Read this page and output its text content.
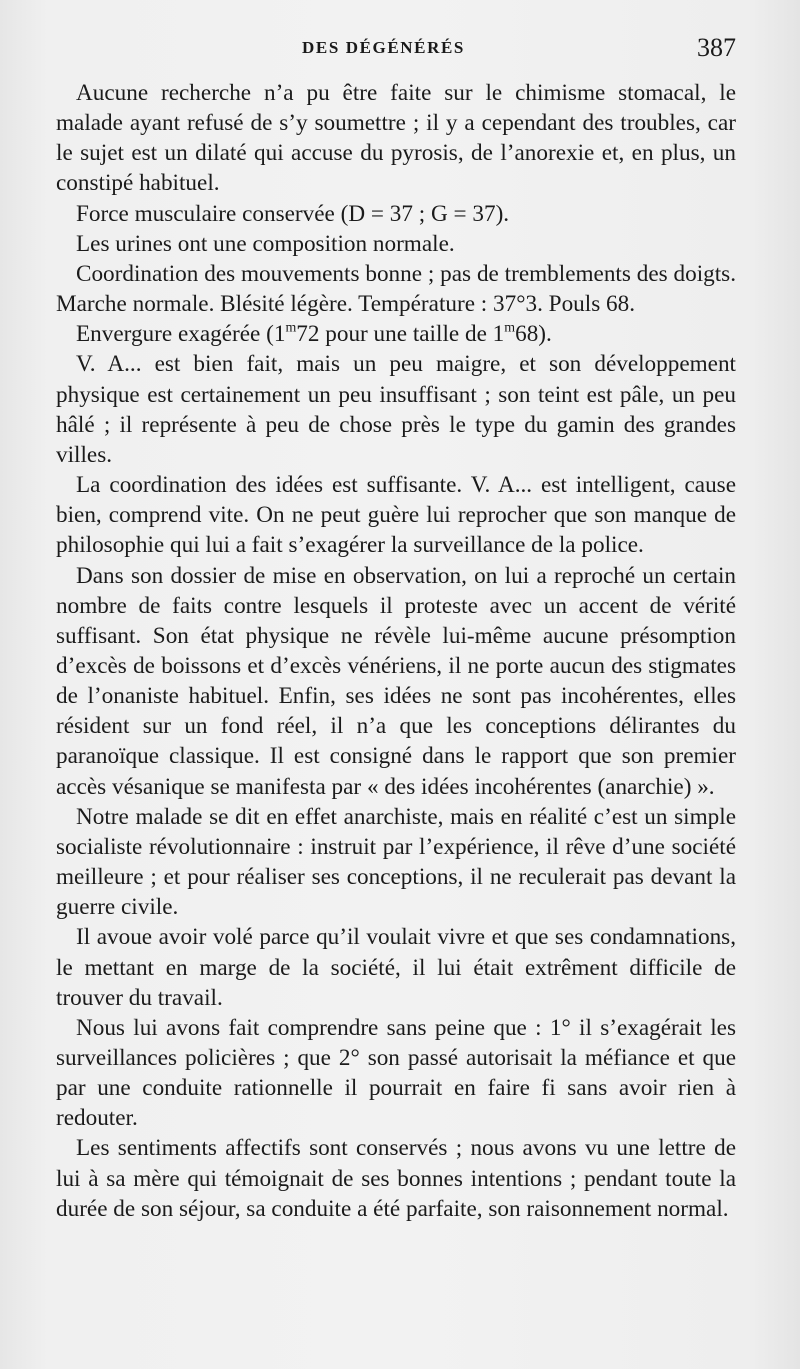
DES DÉGÉNÉRÉS	387

Aucune recherche n’a pu être faite sur le chimisme stomacal, le malade ayant refusé de s’y soumettre ; il y a cependant des troubles, car le sujet est un dilaté qui accuse du pyrosis, de l’anorexie et, en plus, un constipé habituel.

Force musculaire conservée (D = 37 ; G = 37).

Les urines ont une composition normale.

Coordination des mouvements bonne ; pas de tremblements des doigts. Marche normale. Blésité légère. Température : 37°3. Pouls 68.

Envergure exagérée (1$^m$72 pour une taille de 1$^m$68).

V. A... est bien fait, mais un peu maigre, et son développement physique est certainement un peu insuffisant ; son teint est pâle, un peu hâlé ; il représente à peu de chose près le type du gamin des grandes villes.

La coordination des idées est suffisante. V. A... est intelligent, cause bien, comprend vite. On ne peut guère lui reprocher que son manque de philosophie qui lui a fait s’exagérer la surveillance de la police.

Dans son dossier de mise en observation, on lui a reproché un certain nombre de faits contre lesquels il proteste avec un accent de vérité suffisant. Son état physique ne révèle lui-même aucune présomption d’excès de boissons et d’excès vénériens, il ne porte aucun des stigmates de l’onaniste habituel. Enfin, ses idées ne sont pas incohérentes, elles résident sur un fond réel, il n’a que les conceptions délirantes du paranoïque classique. Il est consigné dans le rapport que son premier accès vésanique se manifesta par « des idées incohérentes (anarchie) ».

Notre malade se dit en effet anarchiste, mais en réalité c’est un simple socialiste révolutionnaire : instruit par l’expérience, il rêve d’une société meilleure ; et pour réaliser ses conceptions, il ne reculerait pas devant la guerre civile.

Il avoue avoir volé parce qu’il voulait vivre et que ses condamnations, le mettant en marge de la société, il lui était extrêment difficile de trouver du travail.

Nous lui avons fait comprendre sans peine que : 1° il s’exagérait les surveillances policières ; que 2° son passé autorisait la méfiance et que par une conduite rationnelle il pourrait en faire fi sans avoir rien à redouter.

Les sentiments affectifs sont conservés ; nous avons vu une lettre de lui à sa mère qui témoignait de ses bonnes intentions ; pendant toute la durée de son séjour, sa conduite a été parfaite, son raisonnement normal.
